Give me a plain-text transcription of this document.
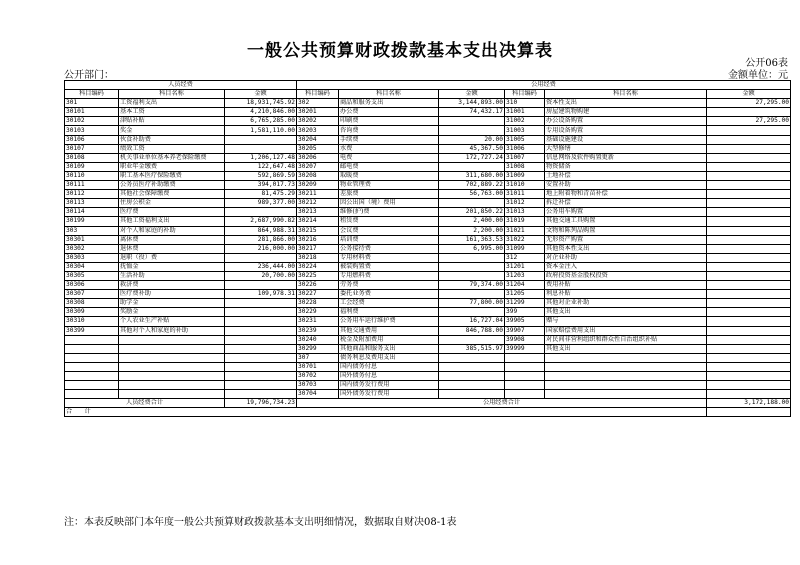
一般公共预算财政拨款基本支出决算表
公开06表
公开部门：	金额单位：元
人员经费			公用经费					
科目编码	科目名称	金额	科目编码	科目名称	金额	科目编码	科目名称	金额
301	工资福利支出	18,931,745.92	302	商品和服务支出	3,144,893.00	310	资本性支出	27,295.00
30101	基本工资	4,210,846.00	30201	办公费	74,432.17	31001	房屋建筑物购建	
30102	津贴补贴	6,765,285.00	30202	印刷费		31002	办公设备购置	27,295.00
30103	奖金	1,581,110.00	30203	咨询费		31003	专用设备购置	
30106	伙食补助费		30204	手续费	20.00	31005	基础设施建设	
30107	绩效工资		30205	水费	45,367.50	31006	大型修缮	
30108	机关事业单位基本养老保险缴费	1,206,127.48	30206	电费	172,727.24	31007	信息网络及软件购置更新	
30109	职业年金缴费	122,647.48	30207	邮电费		31008	物资储备	
30110	职工基本医疗保险缴费	592,869.59	30208	取暖费	311,680.00	31009	土地补偿	
30111	公务员医疗补助缴费	394,017.73	30209	物业管理费	702,889.22	31010	安置补助	
30112	其他社会保障缴费	81,475.29	30211	差旅费	56,763.00	31011	地上附着物和青苗补偿	
30113	住房公积金	989,377.00	30212	因公出国（境）费用		31012	拆迁补偿	
30114	医疗费		30213	维修(护)费	201,850.22	31013	公务用车购置	
30199	其他工资福利支出	2,687,990.82	30214	租赁费	2,400.00	31019	其他交通工具购置	
303	对个人和家庭的补助	864,988.31	30215	会议费	2,200.00	31021	文物和陈列品购置	
30301	离休费	281,866.00	30216	培训费	161,363.53	31022	无形资产购置	
30302	退休费	216,000.00	30217	公务接待费	6,995.00	31099	其他资本性支出	
30303	退职（役）费		30218	专用材料费		312	对企业补助	
30304	抚恤金	236,444.00	30224	被装购置费		31201	资本金注入	
30305	生活补助	20,700.00	30225	专用燃料费		31203	政府投资基金股权投资	
30306	救济费		30226	劳务费	79,374.00	31204	费用补贴	
30307	医疗费补助	109,978.31	30227	委托业务费		31205	利息补贴	
30308	助学金		30228	工会经费	77,800.00	31299	其他对企业补助	
30309	奖励金		30229	福利费		399	其他支出	
30310	个人农业生产补贴		30231	公务用车运行维护费	16,727.04	39905	赠与	
30399	其他对个人和家庭的补助		30239	其他交通费用	846,788.00	39907	国家赔偿费用支出	
			30240	税金及附加费用		39908	对民间非营利组织和群众性自治组织补贴	
			30299	其他商品和服务支出	385,515.97	39999	其他支出	
			307	债务利息及费用支出				
			30701	国内债务付息				
			30702	国外债务付息				
			30703	国内债务发行费用				
			30704	国外债务发行费用				
人员经费合计		19,796,734.23	公用经费合计					3,172,188.00
合　　计								
注：本表反映部门本年度一般公共预算财政拨款基本支出明细情况，数据取自财决08-1表
